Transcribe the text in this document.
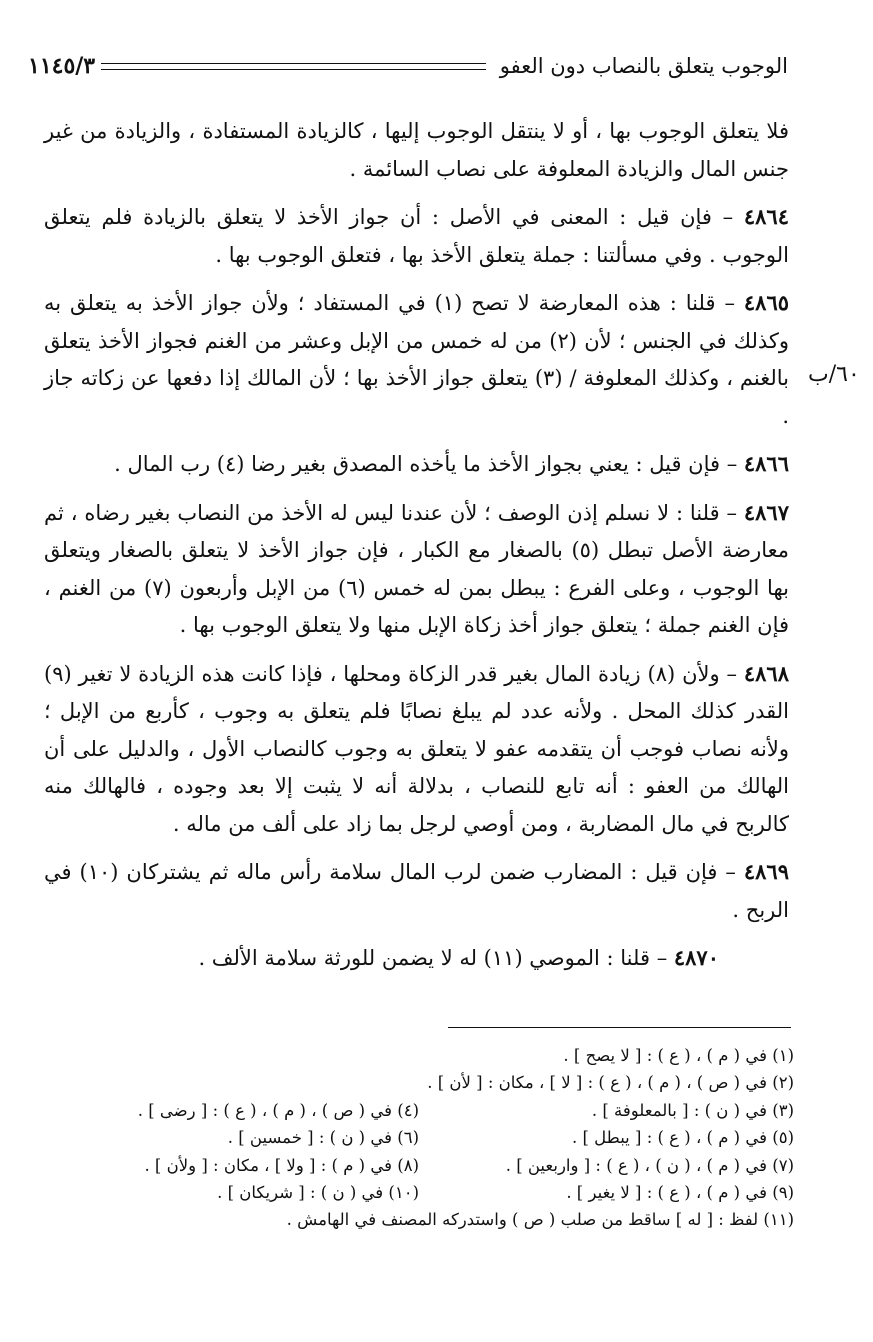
الوجوب يتعلق بالنصاب دون العفو
١١٤٥/٣
٦٠/ب

فلا يتعلق الوجوب بها ، أو لا ينتقل الوجوب إليها ، كالزيادة المستفادة ، والزيادة من غير جنس المال والزيادة المعلوفة على نصاب السائمة .

٤٨٦٤ – فإن قيل : المعنى في الأصل : أن جواز الأخذ لا يتعلق بالزيادة فلم يتعلق الوجوب . وفي مسألتنا : جملة يتعلق الأخذ بها ، فتعلق الوجوب بها .

٤٨٦٥ – قلنا : هذه المعارضة لا تصح (١) في المستفاد ؛ ولأن جواز الأخذ به يتعلق به وكذلك في الجنس ؛ لأن (٢) من له خمس من الإبل وعشر من الغنم فجواز الأخذ يتعلق بالغنم ، وكذلك المعلوفة / (٣) يتعلق جواز الأخذ بها ؛ لأن المالك إذا دفعها عن زكاته جاز .

٤٨٦٦ – فإن قيل : يعني بجواز الأخذ ما يأخذه المصدق بغير رضا (٤) رب المال .

٤٨٦٧ – قلنا : لا نسلم إذن الوصف ؛ لأن عندنا ليس له الأخذ من النصاب بغير رضاه ، ثم معارضة الأصل تبطل (٥) بالصغار مع الكبار ، فإن جواز الأخذ لا يتعلق بالصغار ويتعلق بها الوجوب ، وعلى الفرع : يبطل بمن له خمس (٦) من الإبل وأربعون (٧) من الغنم ، فإن الغنم جملة ؛ يتعلق جواز أخذ زكاة الإبل منها ولا يتعلق الوجوب بها .

٤٨٦٨ – ولأن (٨) زيادة المال بغير قدر الزكاة ومحلها ، فإذا كانت هذه الزيادة لا تغير (٩) القدر كذلك المحل . ولأنه عدد لم يبلغ نصابًا فلم يتعلق به وجوب ، كأربع من الإبل ؛ ولأنه نصاب فوجب أن يتقدمه عفو لا يتعلق به وجوب كالنصاب الأول ، والدليل على أن الهالك من العفو : أنه تابع للنصاب ، بدلالة أنه لا يثبت إلا بعد وجوده ، فالهالك منه كالربح في مال المضاربة ، ومن أوصي لرجل بما زاد على ألف من ماله .

٤٨٦٩ – فإن قيل : المضارب ضمن لرب المال سلامة رأس ماله ثم يشتركان (١٠) في الربح .

٤٨٧٠ – قلنا : الموصي (١١) له لا يضمن للورثة سلامة الألف .

(١) في ( م ) ، ( ع ) : [ لا يصح ] .
(٢) في ( ص ) ، ( م ) ، ( ع ) : [ لا ] ، مكان : [ لأن ] .
(٣) في ( ن ) : [ بالمعلوفة ] .
(٤) في ( ص ) ، ( م ) ، ( ع ) : [ رضى ] .
(٥) في ( م ) ، ( ع ) : [ يبطل ] .
(٦) في ( ن ) : [ خمسين ] .
(٧) في ( م ) ، ( ن ) ، ( ع ) : [ واربعين ] .
(٨) في ( م ) : [ ولا ] ، مكان : [ ولأن ] .
(٩) في ( م ) ، ( ع ) : [ لا يغير ] .
(١٠) في ( ن ) : [ شريكان ] .
(١١) لفظ : [ له ] ساقط من صلب ( ص ) واستدركه المصنف في الهامش .
